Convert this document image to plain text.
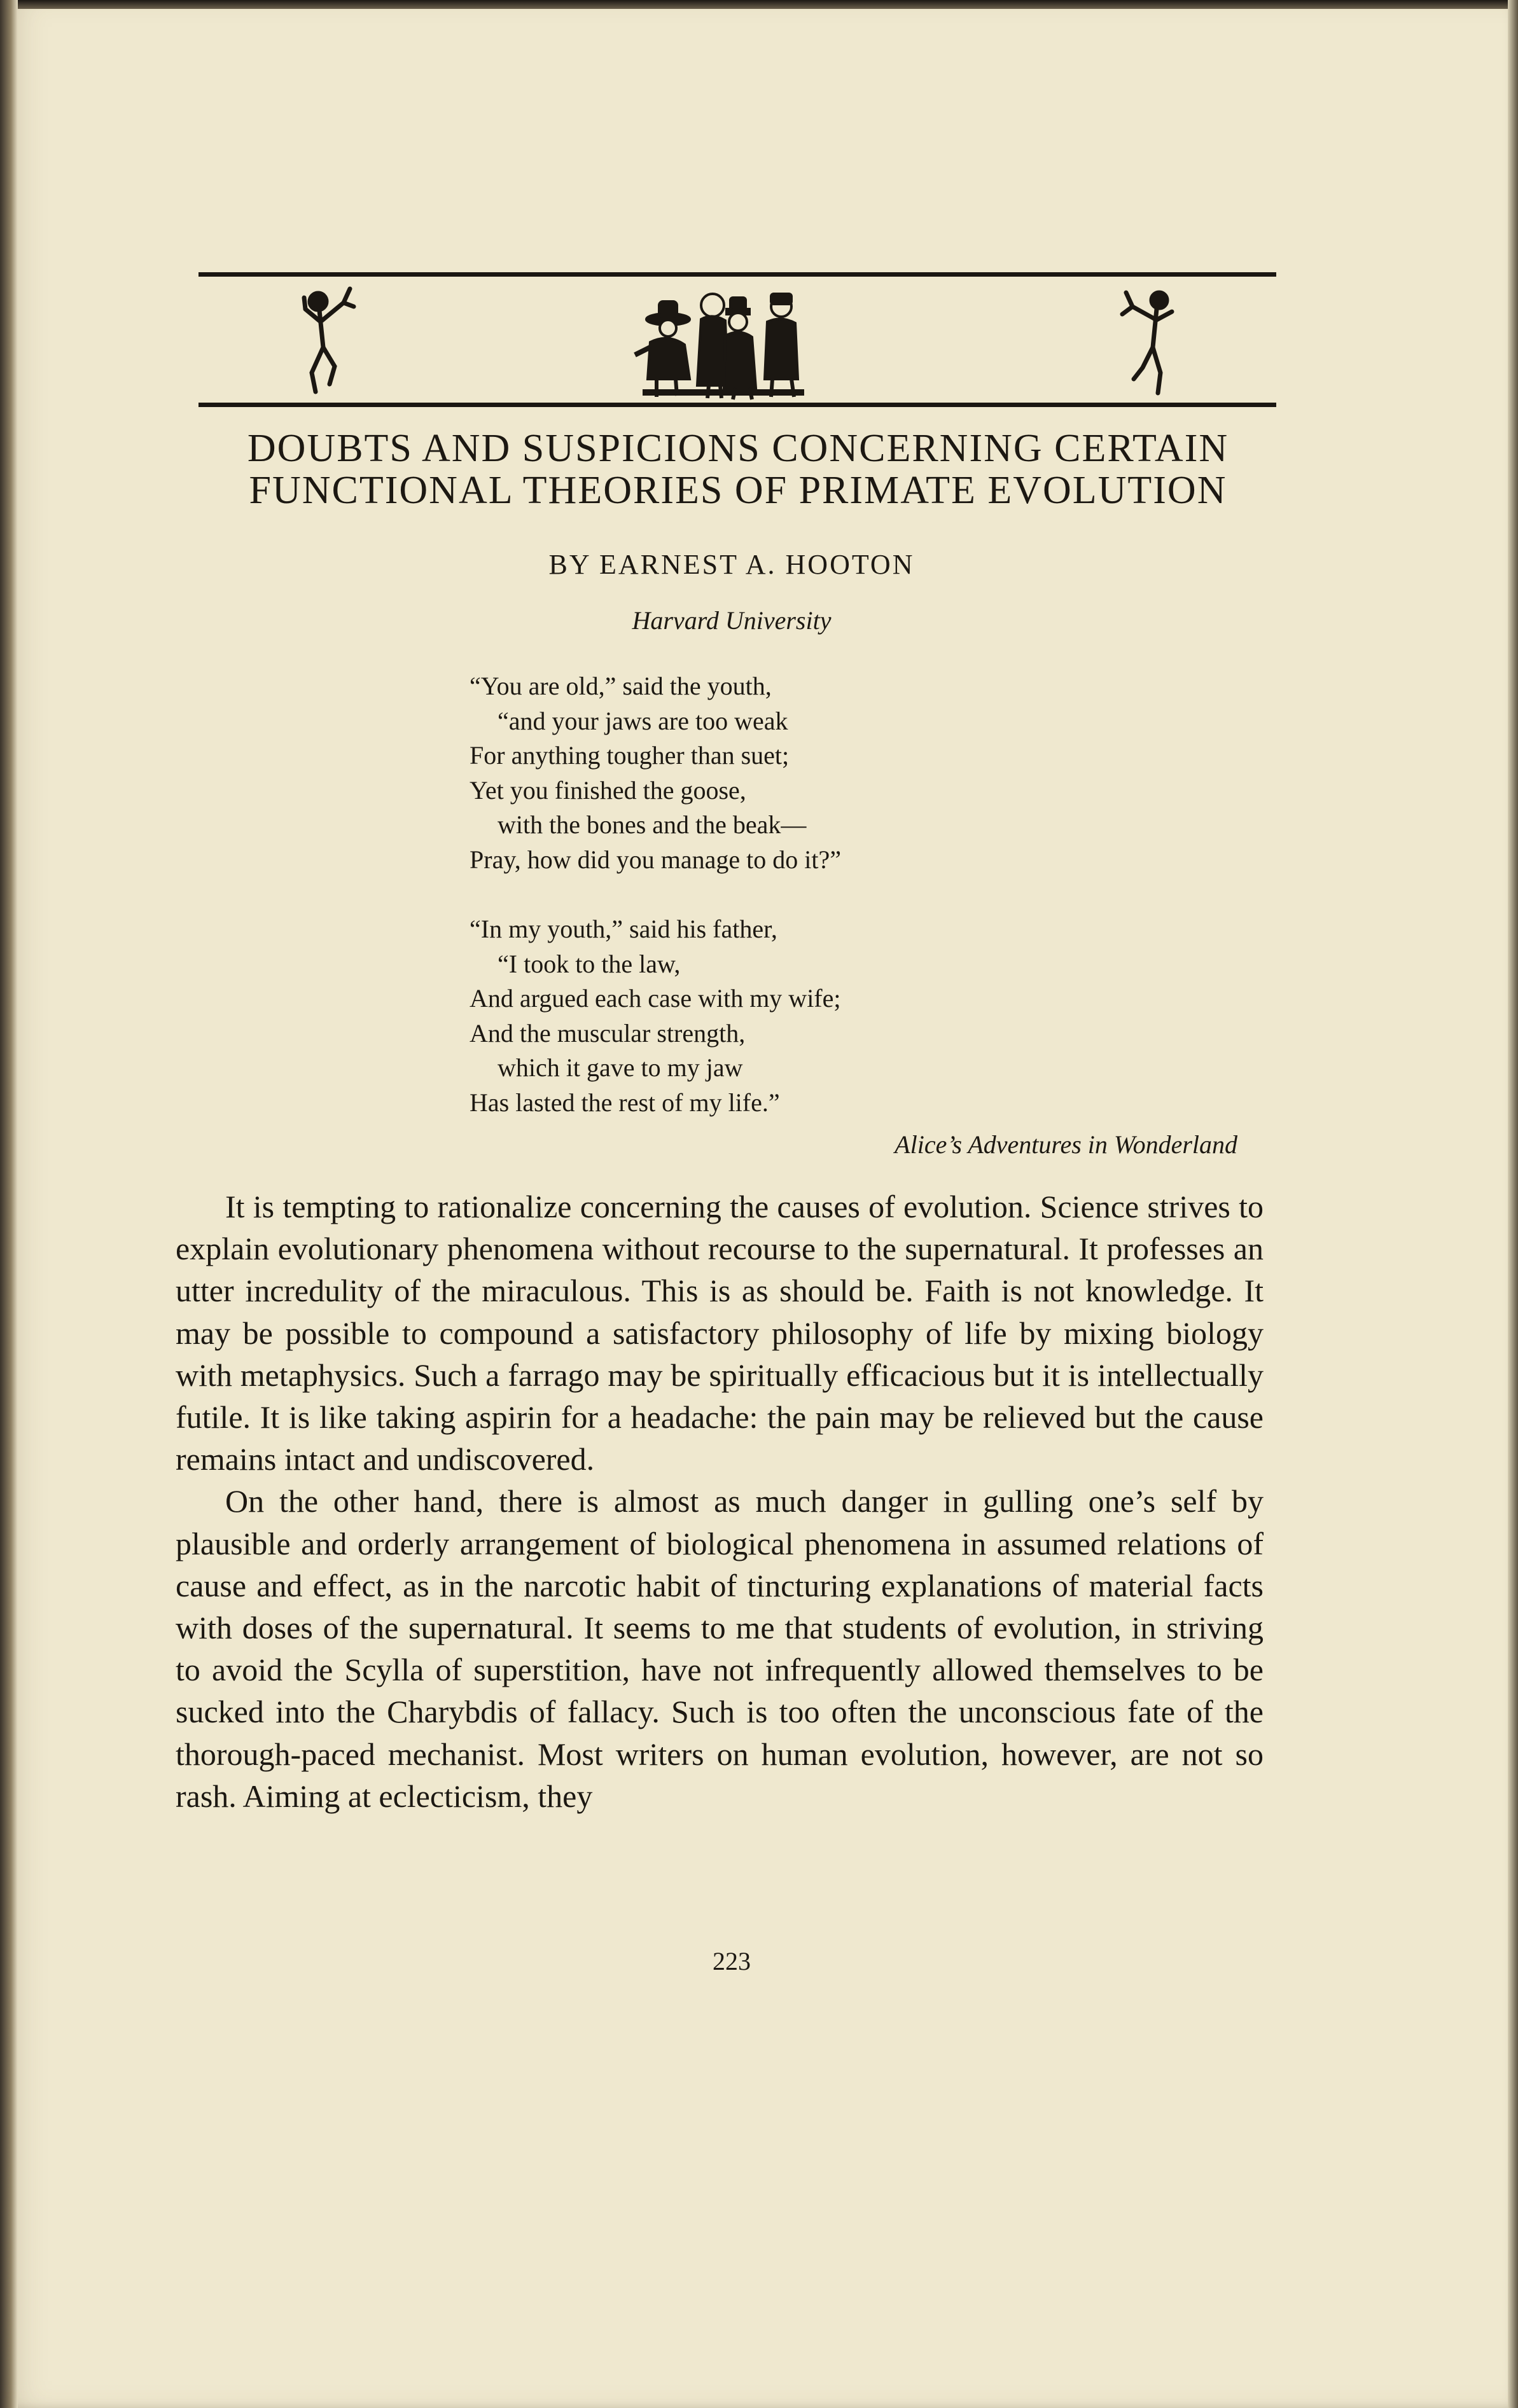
DOUBTS AND SUSPICIONS CONCERNING CERTAIN
FUNCTIONAL THEORIES OF PRIMATE EVOLUTION
BY EARNEST A. HOOTON
Harvard University
“You are old,” said the youth,
“and your jaws are too weak
For anything tougher than suet;
Yet you finished the goose,
with the bones and the beak—
Pray, how did you manage to do it?”
“In my youth,” said his father,
“I took to the law,
And argued each case with my wife;
And the muscular strength,
which it gave to my jaw
Has lasted the rest of my life.”
Alice’s Adventures in Wonderland

It is tempting to rationalize concerning the causes of evolution. Science strives to explain evolutionary phenomena without recourse to the supernatural. It professes an utter incredulity of the miraculous. This is as should be. Faith is not knowledge. It may be possible to compound a satisfactory philosophy of life by mixing biology with metaphysics. Such a farrago may be spiritually efficacious but it is intellectually futile. It is like taking aspirin for a headache: the pain may be relieved but the cause remains intact and undiscovered.

On the other hand, there is almost as much danger in gulling one’s self by plausible and orderly arrangement of biological phenomena in assumed relations of cause and effect, as in the narcotic habit of tincturing explanations of material facts with doses of the supernatural. It seems to me that students of evolution, in striving to avoid the Scylla of superstition, have not infrequently allowed themselves to be sucked into the Charybdis of fallacy. Such is too often the unconscious fate of the thorough-paced mechanist. Most writers on human evolution, however, are not so rash. Aiming at eclecticism, they

223
